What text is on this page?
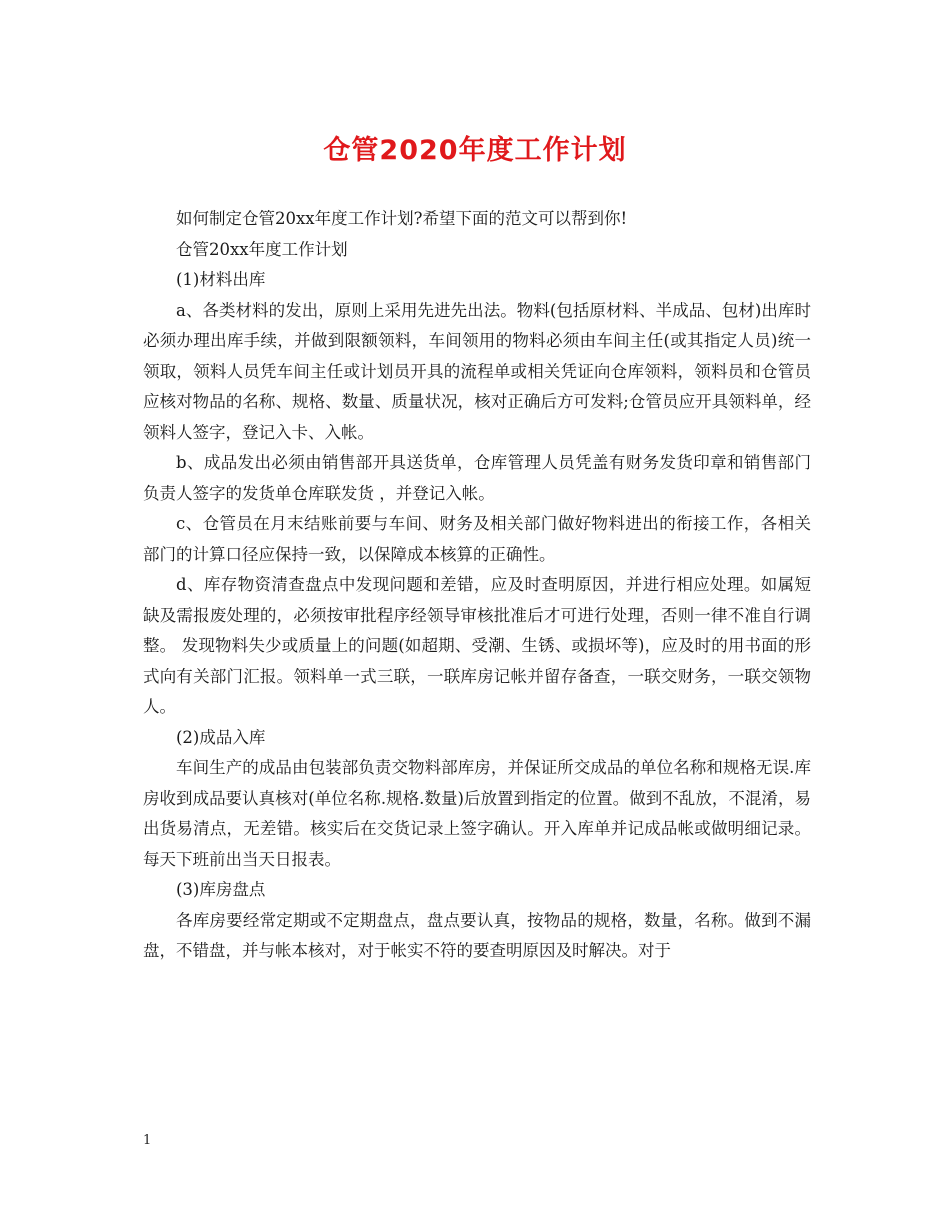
仓管2020年度工作计划

如何制定仓管20xx年度工作计划?希望下面的范文可以帮到你!

仓管20xx年度工作计划

(1)材料出库

a、各类材料的发出，原则上采用先进先出法。物料(包括原材料、半成品、包材)出库时必须办理出库手续，并做到限额领料，车间领用的物料必须由车间主任(或其指定人员)统一领取，领料人员凭车间主任或计划员开具的流程单或相关凭证向仓库领料，领料员和仓管员应核对物品的名称、规格、数量、质量状况，核对正确后方可发料;仓管员应开具领料单，经领料人签字，登记入卡、入帐。

b、成品发出必须由销售部开具送货单，仓库管理人员凭盖有财务发货印章和销售部门负责人签字的发货单仓库联发货 ，并登记入帐。

c、仓管员在月末结账前要与车间、财务及相关部门做好物料进出的衔接工作，各相关部门的计算口径应保持一致，以保障成本核算的正确性。

d、库存物资清查盘点中发现问题和差错，应及时查明原因，并进行相应处理。如属短缺及需报废处理的，必须按审批程序经领导审核批准后才可进行处理，否则一律不准自行调整。 发现物料失少或质量上的问题(如超期、受潮、生锈、或损坏等)，应及时的用书面的形式向有关部门汇报。领料单一式三联，一联库房记帐并留存备查，一联交财务，一联交领物人。

(2)成品入库

车间生产的成品由包装部负责交物料部库房，并保证所交成品的单位名称和规格无误.库房收到成品要认真核对(单位名称.规格.数量)后放置到指定的位置。做到不乱放，不混淆，易出货易清点，无差错。核实后在交货记录上签字确认。开入库单并记成品帐或做明细记录。每天下班前出当天日报表。

(3)库房盘点

各库房要经常定期或不定期盘点，盘点要认真，按物品的规格，数量，名称。做到不漏盘，不错盘，并与帐本核对，对于帐实不符的要查明原因及时解决。对于

1
